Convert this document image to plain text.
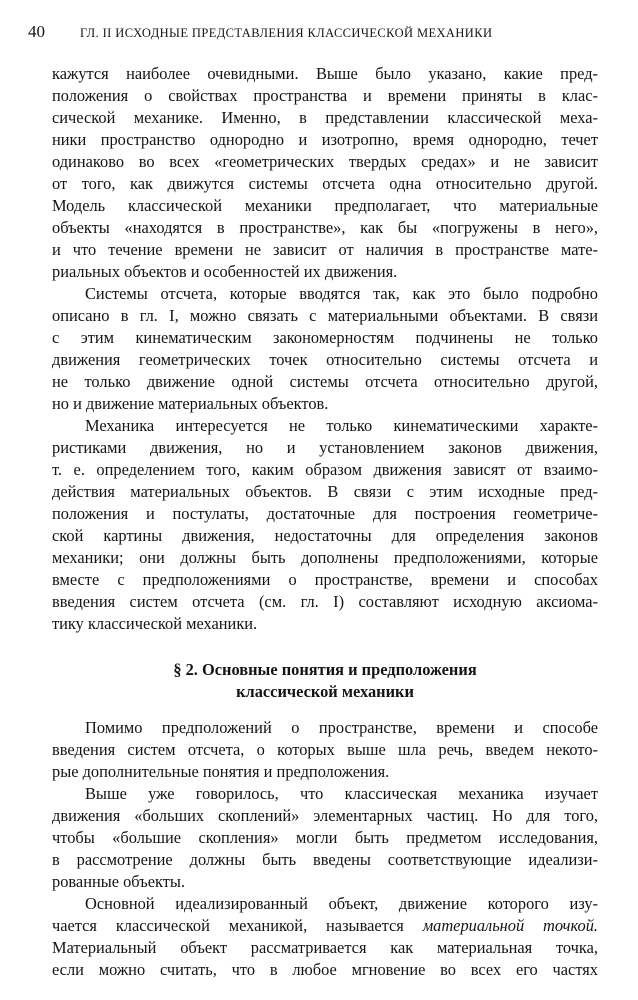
40	ГЛ. II ИСХОДНЫЕ ПРЕДСТАВЛЕНИЯ КЛАССИЧЕСКОЙ МЕХАНИКИ
кажутся наиболее очевидными. Выше было указано, какие пред-
положения о свойствах пространства и времени приняты в клас-
сической механике. Именно, в представлении классической меха-
ники пространство однородно и изотропно, время однородно, течет
одинаково во всех «геометрических твердых средах» и не зависит
от того, как движутся системы отсчета одна относительно другой.
Модель классической механики предполагает, что материальные
объекты «находятся в пространстве», как бы «погружены в него»,
и что течение времени не зависит от наличия в пространстве мате-
риальных объектов и особенностей их движения.
Системы отсчета, которые вводятся так, как это было подробно
описано в гл. I, можно связать с материальными объектами. В связи
с этим кинематическим закономерностям подчинены не только
движения геометрических точек относительно системы отсчета и
не только движение одной системы отсчета относительно другой,
но и движение материальных объектов.
Механика интересуется не только кинематическими характе-
ристиками движения, но и установлением законов движения,
т. е. определением того, каким образом движения зависят от взаимо-
действия материальных объектов. В связи с этим исходные пред-
положения и постулаты, достаточные для построения геометриче-
ской картины движения, недостаточны для определения законов
механики; они должны быть дополнены предположениями, которые
вместе с предположениями о пространстве, времени и способах
введения систем отсчета (см. гл. I) составляют исходную аксиома-
тику классической механики.
§ 2. Основные понятия и предположения
классической механики
Помимо предположений о пространстве, времени и способе
введения систем отсчета, о которых выше шла речь, введем некото-
рые дополнительные понятия и предположения.
Выше уже говорилось, что классическая механика изучает
движения «больших скоплений» элементарных частиц. Но для того,
чтобы «большие скопления» могли быть предметом исследования,
в рассмотрение должны быть введены соответствующие идеализи-
рованные объекты.
Основной идеализированный объект, движение которого изу-
чается классической механикой, называется материальной точкой.
Материальный объект рассматривается как материальная точка,
если можно считать, что в любое мгновение во всех его частях
